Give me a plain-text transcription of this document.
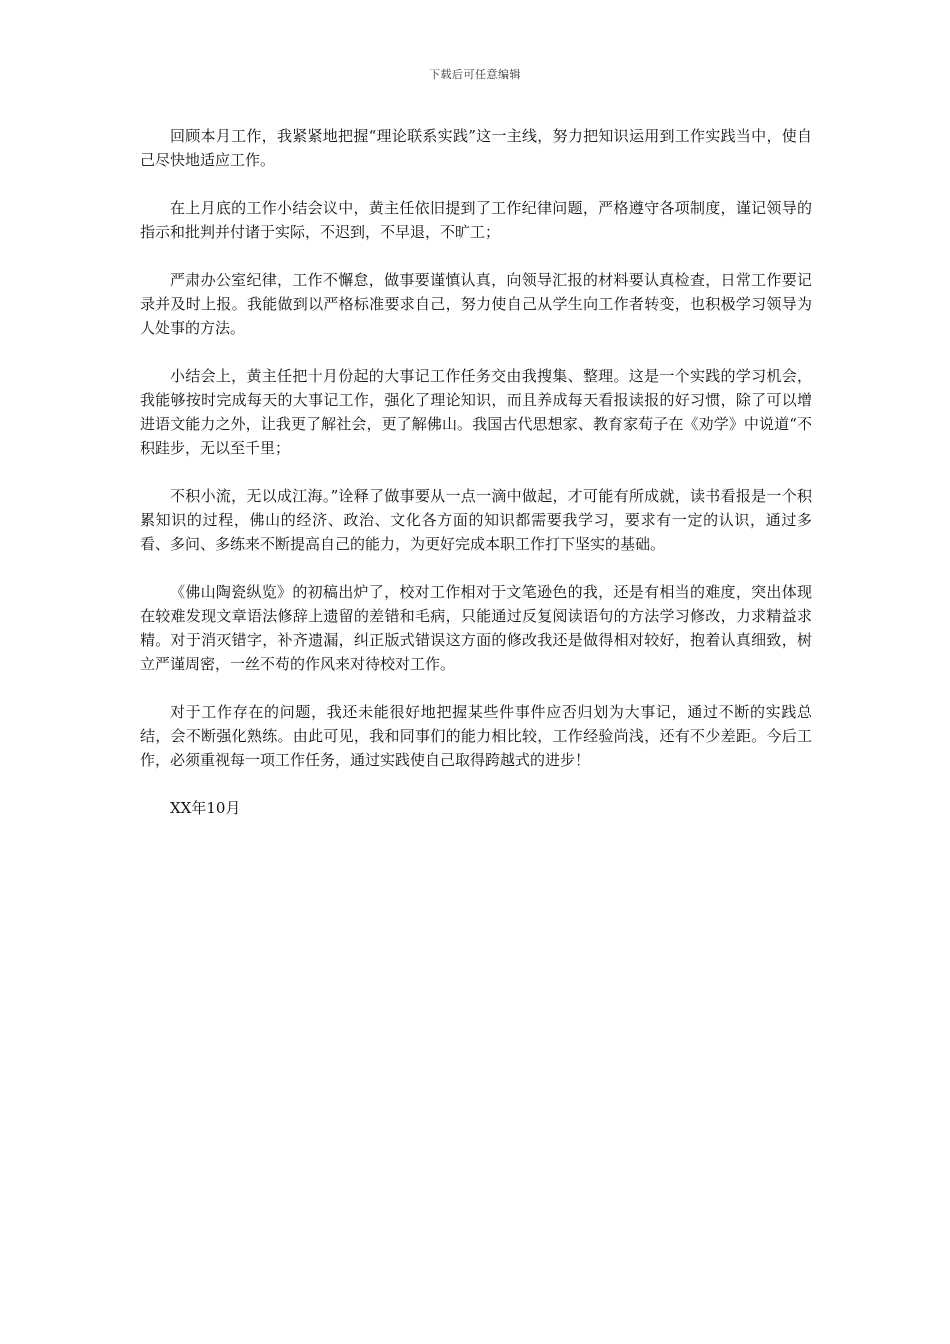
下载后可任意编辑

回顾本月工作，我紧紧地把握“理论联系实践”这一主线，努力把知识运用到工作实践当中，使自己尽快地适应工作。

在上月底的工作小结会议中，黄主任依旧提到了工作纪律问题，严格遵守各项制度，谨记领导的指示和批判并付诸于实际，不迟到，不早退，不旷工；

严肃办公室纪律，工作不懈怠，做事要谨慎认真，向领导汇报的材料要认真检查，日常工作要记录并及时上报。我能做到以严格标准要求自己，努力使自己从学生向工作者转变，也积极学习领导为人处事的方法。

小结会上，黄主任把十月份起的大事记工作任务交由我搜集、整理。这是一个实践的学习机会，我能够按时完成每天的大事记工作，强化了理论知识，而且养成每天看报读报的好习惯，除了可以增进语文能力之外，让我更了解社会，更了解佛山。我国古代思想家、教育家荀子在《劝学》中说道“不积跬步，无以至千里；

不积小流，无以成江海。”诠释了做事要从一点一滴中做起，才可能有所成就，读书看报是一个积累知识的过程，佛山的经济、政治、文化各方面的知识都需要我学习，要求有一定的认识，通过多看、多问、多练来不断提高自己的能力，为更好完成本职工作打下坚实的基础。

《佛山陶瓷纵览》的初稿出炉了，校对工作相对于文笔逊色的我，还是有相当的难度，突出体现在较难发现文章语法修辞上遗留的差错和毛病，只能通过反复阅读语句的方法学习修改，力求精益求精。对于消灭错字，补齐遗漏，纠正版式错误这方面的修改我还是做得相对较好，抱着认真细致，树立严谨周密，一丝不苟的作风来对待校对工作。

对于工作存在的问题，我还未能很好地把握某些件事件应否归划为大事记，通过不断的实践总结，会不断强化熟练。由此可见，我和同事们的能力相比较，工作经验尚浅，还有不少差距。今后工作，必须重视每一项工作任务，通过实践使自己取得跨越式的进步！

XX年10月
